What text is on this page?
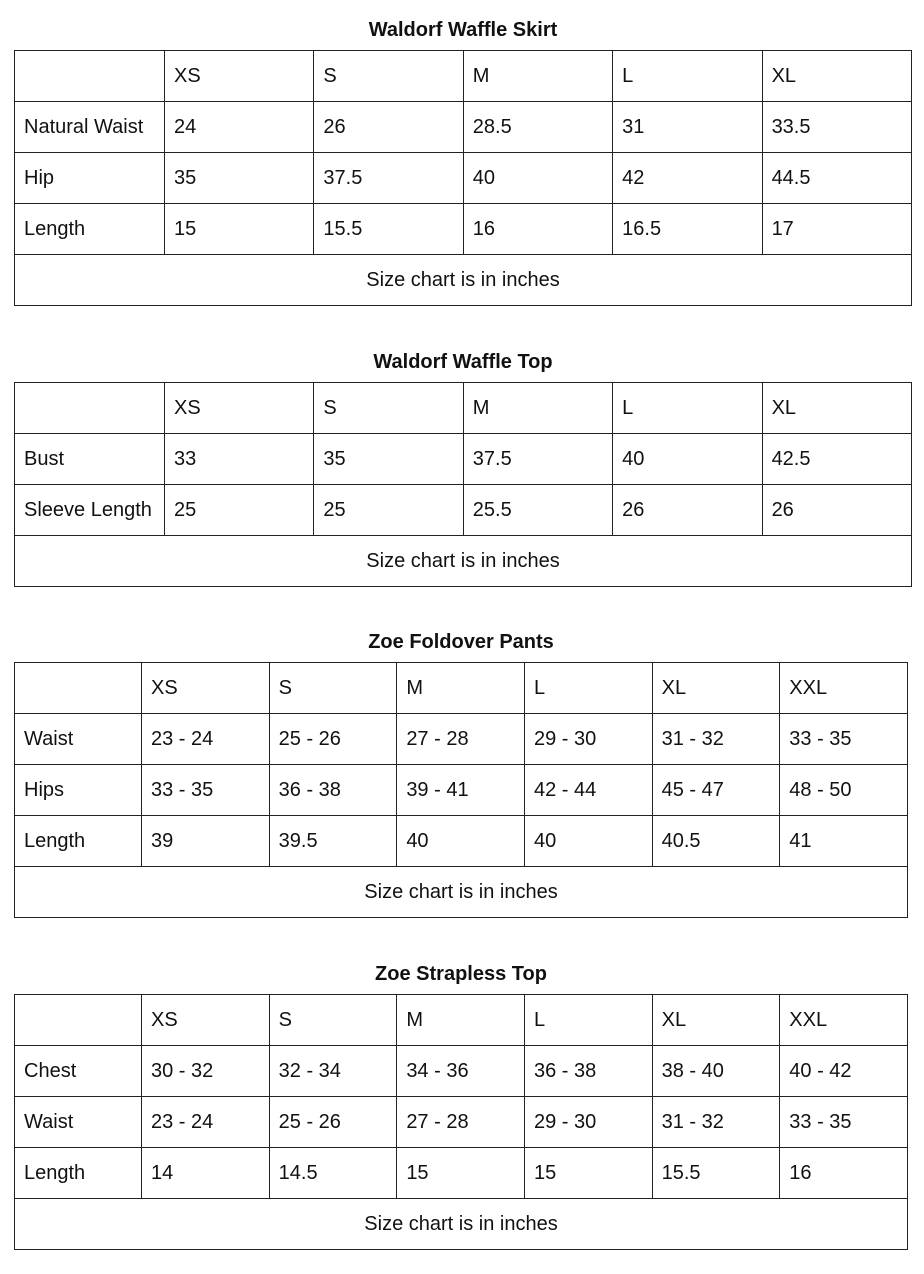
Waldorf Waffle Skirt
	XS	S	M	L	XL
Natural Waist	24	26	28.5	31	33.5
Hip	35	37.5	40	42	44.5
Length	15	15.5	16	16.5	17
Size chart is in inches					
Waldorf Waffle Top
	XS	S	M	L	XL
Bust	33	35	37.5	40	42.5
Sleeve Length	25	25	25.5	26	26
Size chart is in inches					
Zoe Foldover Pants
	XS	S	M	L	XL	XXL
Waist	23 - 24	25 - 26	27 - 28	29 - 30	31 - 32	33 - 35
Hips	33 - 35	36 - 38	39 - 41	42 - 44	45 - 47	48 - 50
Length	39	39.5	40	40	40.5	41
Size chart is in inches						
Zoe Strapless Top
	XS	S	M	L	XL	XXL
Chest	30 - 32	32 - 34	34 - 36	36 - 38	38 - 40	40 - 42
Waist	23 - 24	25 - 26	27 - 28	29 - 30	31 - 32	33 - 35
Length	14	14.5	15	15	15.5	16
Size chart is in inches						
